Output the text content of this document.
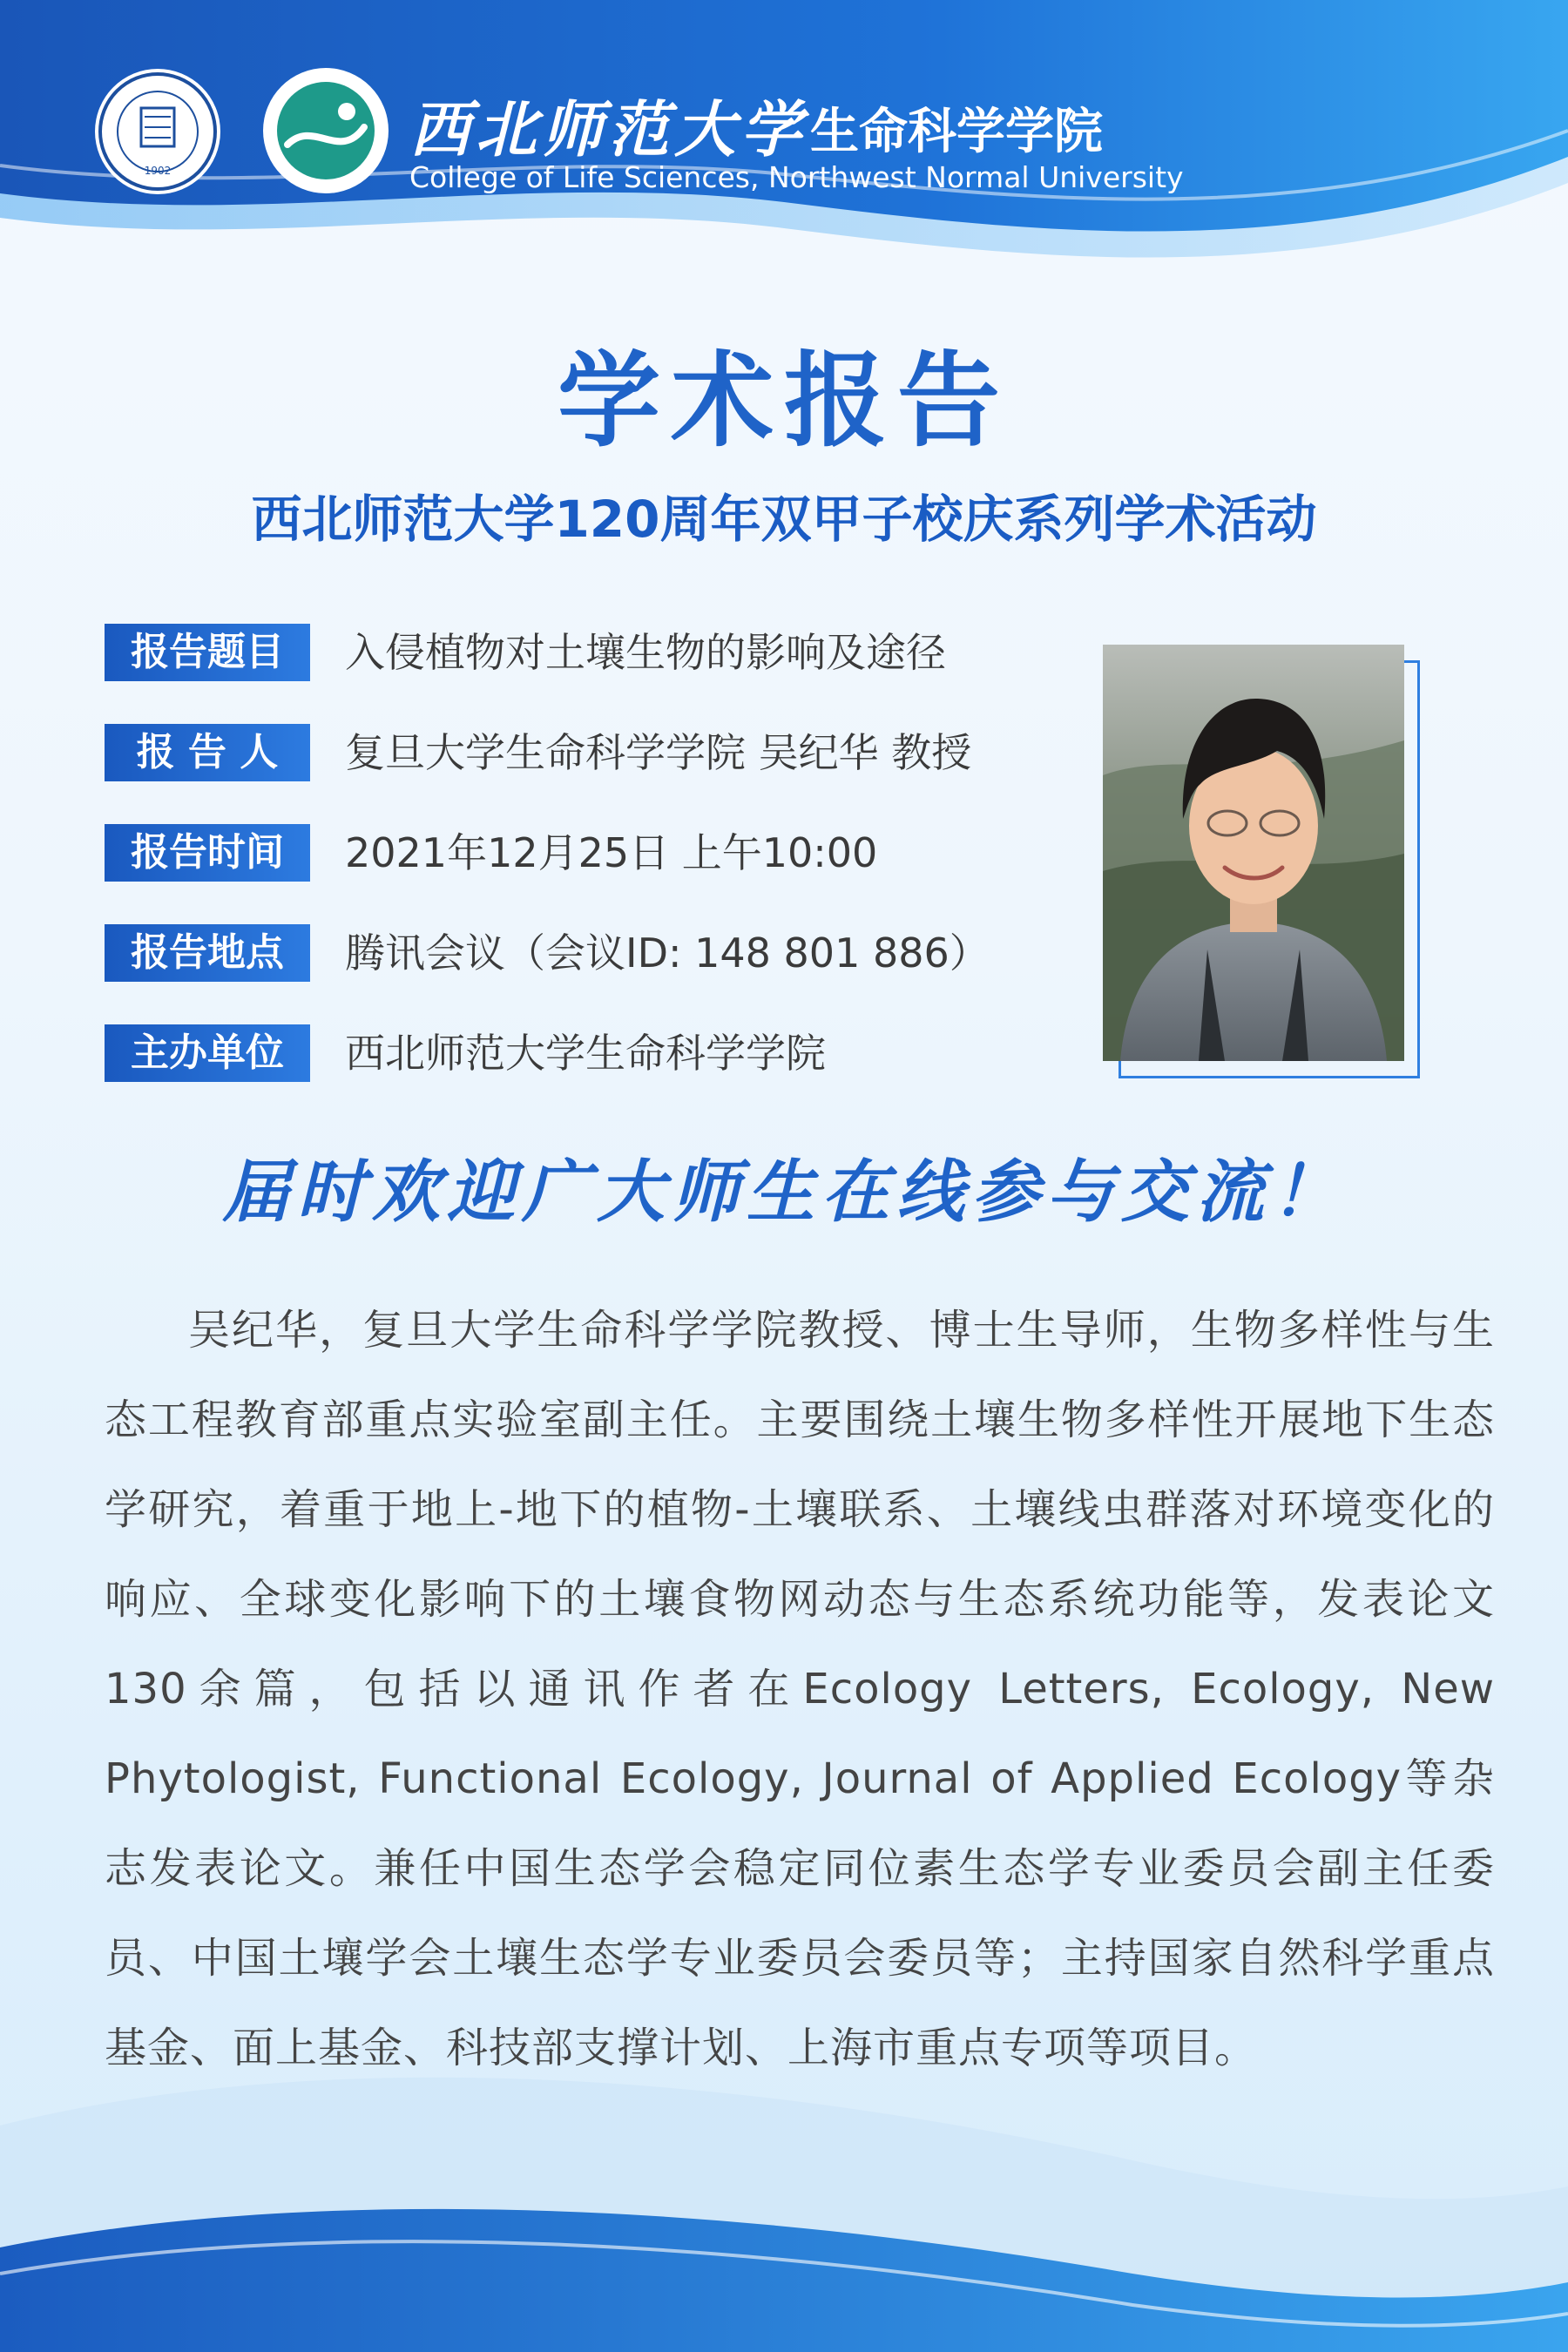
1902
西北师范大学 生命科学学院
College of Life Sciences, Northwest Normal University
学术报告
西北师范大学120周年双甲子校庆系列学术活动
报告题目	入侵植物对土壤生物的影响及途径
报 告 人	复旦大学生命科学学院 吴纪华 教授
报告时间	2021年12月25日 上午10:00
报告地点	腾讯会议（会议ID: 148 801 886）
主办单位	西北师范大学生命科学学院
届时欢迎广大师生在线参与交流！
吴纪华，复旦大学生命科学学院教授、博士生导师，生物多样性与生态工程教育部重点实验室副主任。主要围绕土壤生物多样性开展地下生态学研究，着重于地上-地下的植物-土壤联系、土壤线虫群落对环境变化的响应、全球变化影响下的土壤食物网动态与生态系统功能等，发表论文130余篇，包括以通讯作者在Ecology Letters, Ecology, New Phytologist, Functional Ecology, Journal of Applied Ecology等杂志发表论文。兼任中国生态学会稳定同位素生态学专业委员会副主任委员、中国土壤学会土壤生态学专业委员会委员等；主持国家自然科学重点基金、面上基金、科技部支撑计划、上海市重点专项等项目。
